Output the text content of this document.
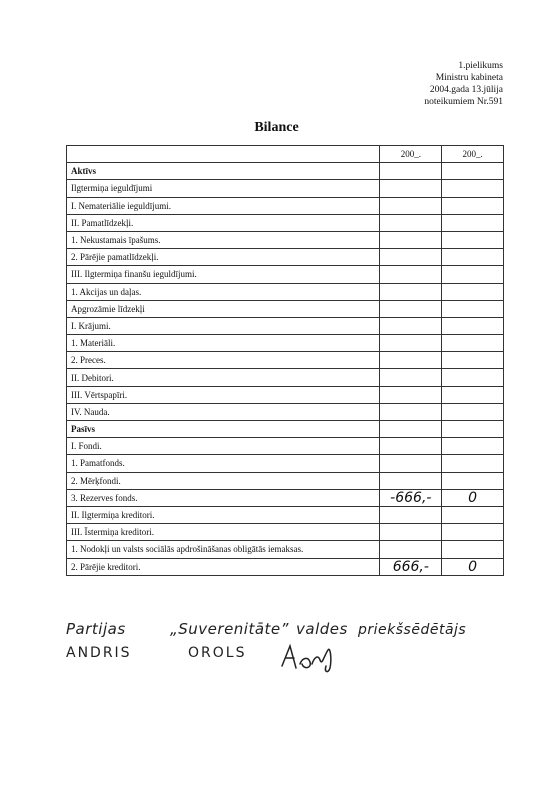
1.pielikums
Ministru kabineta
2004.gada 13.jūlija
noteikumiem Nr.591
Bilance
	200_.	200_.
Aktīvs		
Ilgtermiņa ieguldījumi		
I. Nemateriālie ieguldījumi.		
II. Pamatlīdzekļi.		
1. Nekustamais īpašums.		
2. Pārējie pamatlīdzekļi.		
III. Ilgtermiņa finanšu ieguldījumi.		
1. Akcijas un daļas.		
Apgrozāmie līdzekļi		
I. Krājumi.		
1. Materiāli.		
2. Preces.		
II. Debitori.		
III. Vērtspapīri.		
IV. Nauda.		
Pasīvs		
I. Fondi.		
1. Pamatfonds.		
2. Mērķfondi.		
3. Rezerves fonds.	-666,-	0
II. Ilgtermiņa kreditori.		
III. Īstermiņa kreditori.		
1. Nodokļi un valsts sociālās apdrošināšanas obligātās iemaksas.		
2. Pārējie kreditori.	666,-	0
Partijas	„Suverenitāte” valdes priekšsēdētājs
ANDRIS	OROLS
